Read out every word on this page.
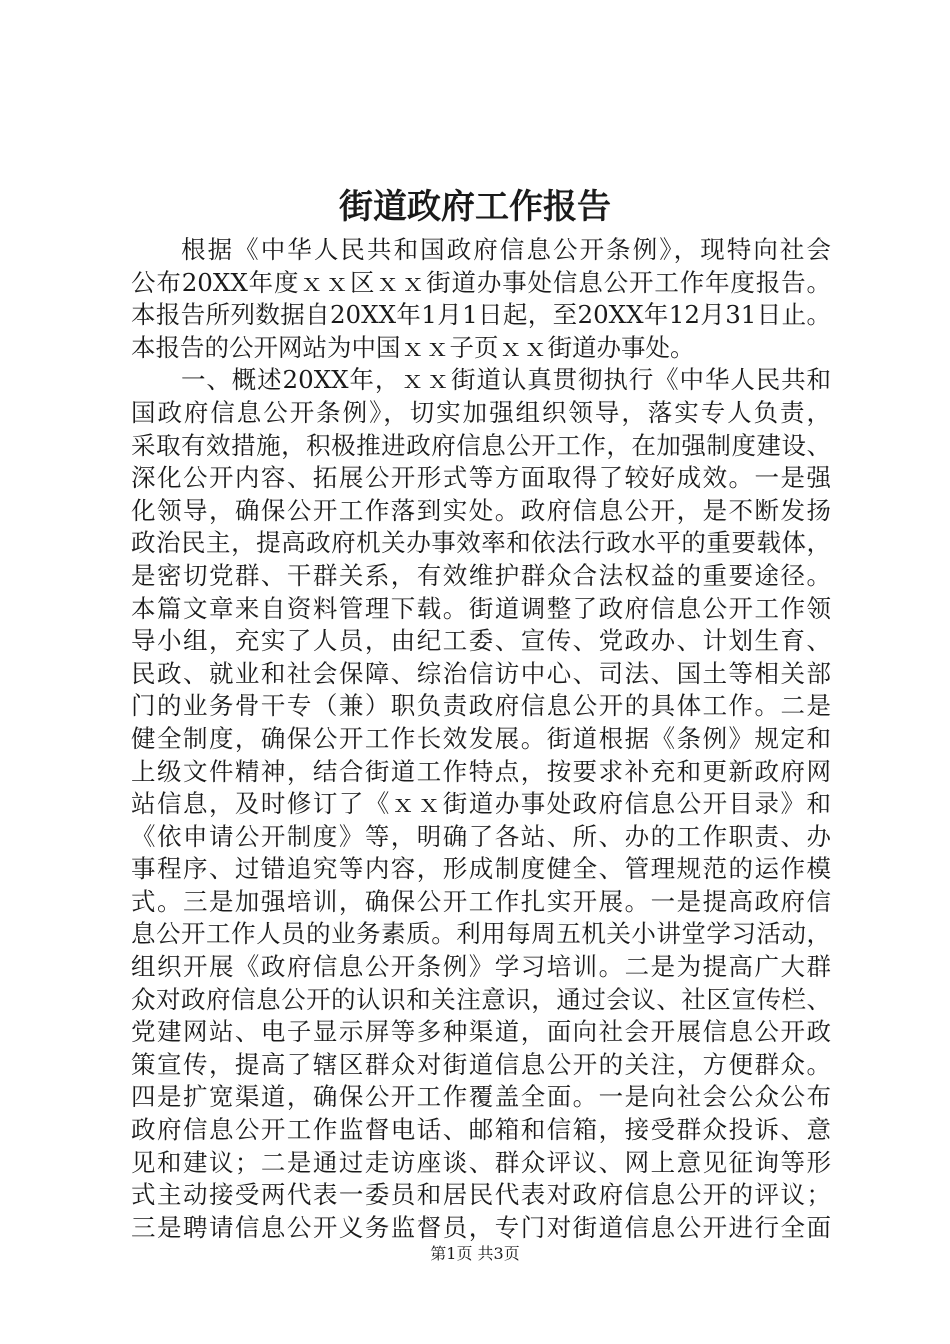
街道政府工作报告
根据《中华人民共和国政府信息公开条例》，现特向社会
公布20XX年度ｘｘ区ｘｘ街道办事处信息公开工作年度报告。
本报告所列数据自20XX年1月1日起，至20XX年12月31日止。
本报告的公开网站为中国ｘｘ子页ｘｘ街道办事处。
一、概述20XX年，ｘｘ街道认真贯彻执行《中华人民共和
国政府信息公开条例》，切实加强组织领导，落实专人负责，
采取有效措施，积极推进政府信息公开工作，在加强制度建设、
深化公开内容、拓展公开形式等方面取得了较好成效。一是强
化领导，确保公开工作落到实处。政府信息公开，是不断发扬
政治民主，提高政府机关办事效率和依法行政水平的重要载体，
是密切党群、干群关系，有效维护群众合法权益的重要途径。
本篇文章来自资料管理下载。街道调整了政府信息公开工作领
导小组，充实了人员，由纪工委、宣传、党政办、计划生育、
民政、就业和社会保障、综治信访中心、司法、国土等相关部
门的业务骨干专（兼）职负责政府信息公开的具体工作。二是
健全制度，确保公开工作长效发展。街道根据《条例》规定和
上级文件精神，结合街道工作特点，按要求补充和更新政府网
站信息，及时修订了《ｘｘ街道办事处政府信息公开目录》和
《依申请公开制度》等，明确了各站、所、办的工作职责、办
事程序、过错追究等内容，形成制度健全、管理规范的运作模
式。三是加强培训，确保公开工作扎实开展。一是提高政府信
息公开工作人员的业务素质。利用每周五机关小讲堂学习活动，
组织开展《政府信息公开条例》学习培训。二是为提高广大群
众对政府信息公开的认识和关注意识，通过会议、社区宣传栏、
党建网站、电子显示屏等多种渠道，面向社会开展信息公开政
策宣传，提高了辖区群众对街道信息公开的关注，方便群众。
四是扩宽渠道，确保公开工作覆盖全面。一是向社会公众公布
政府信息公开工作监督电话、邮箱和信箱，接受群众投诉、意
见和建议；二是通过走访座谈、群众评议、网上意见征询等形
式主动接受两代表一委员和居民代表对政府信息公开的评议；
三是聘请信息公开义务监督员，专门对街道信息公开进行全面
第1页 共3页
